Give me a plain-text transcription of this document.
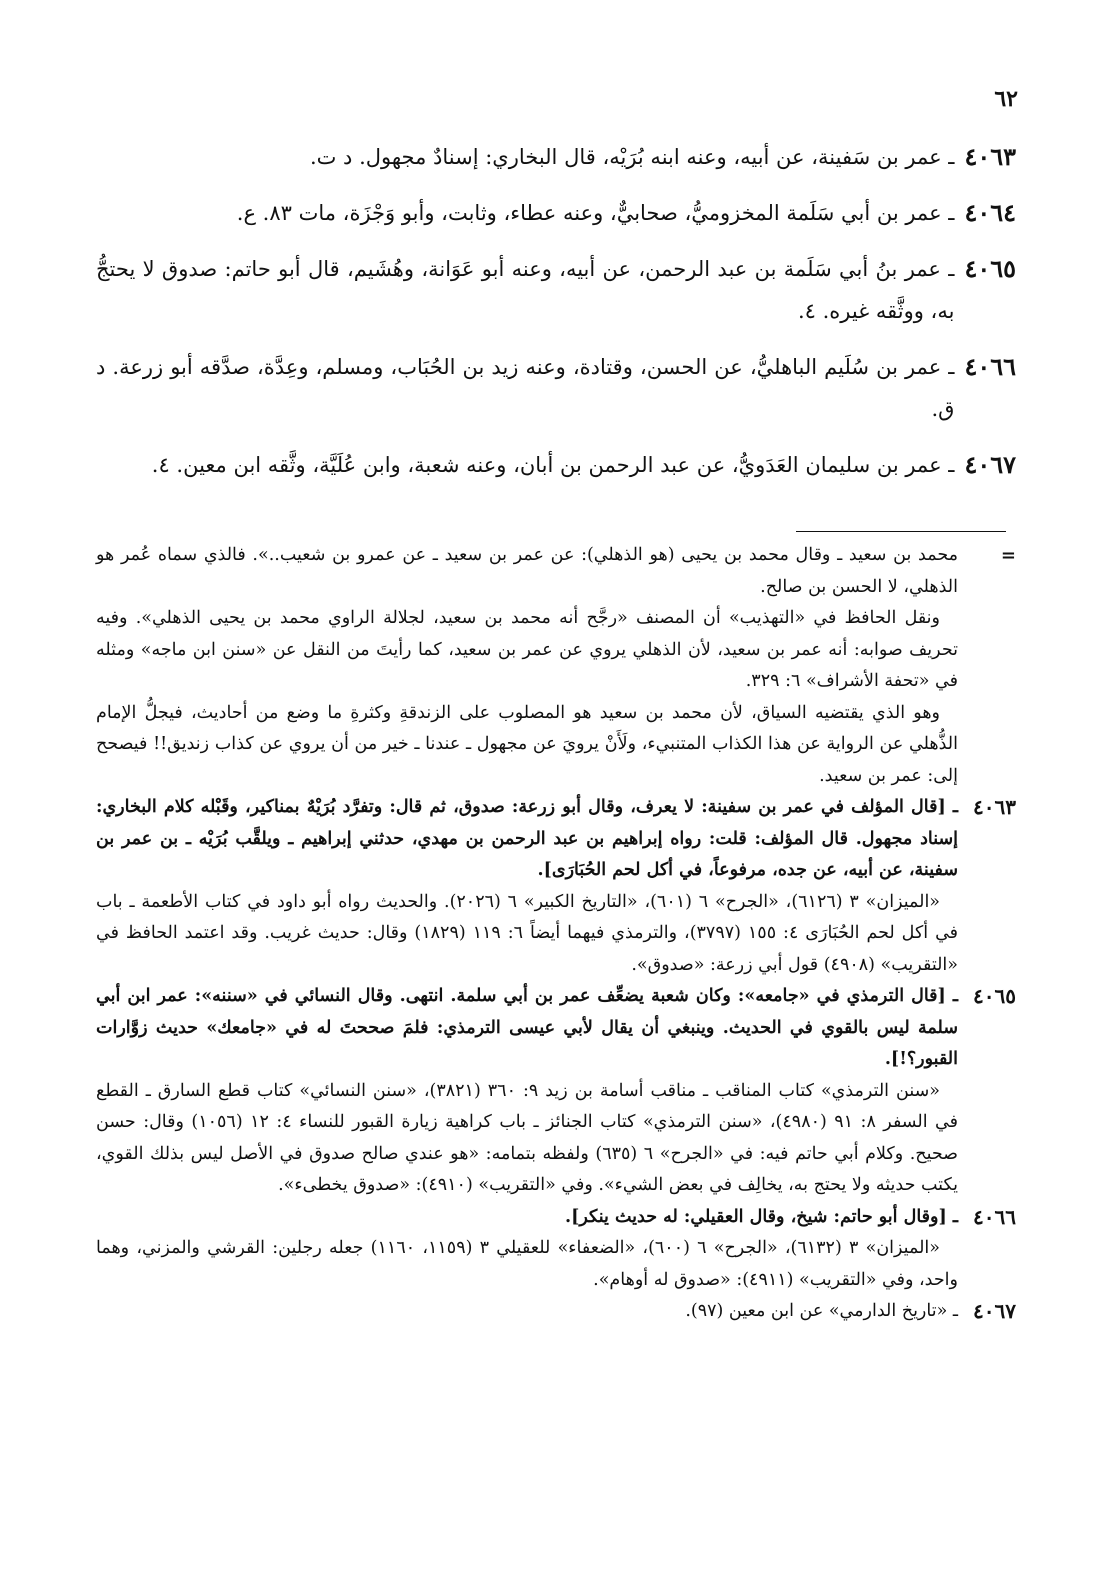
٦٢
٤٠٦٣
ـ عمر بن سَفينة، عن أبيه، وعنه ابنه بُرَيْه، قال البخاري: إسنادٌ مجهول. د ت.
٤٠٦٤
ـ عمر بن أبي سَلَمة المخزوميُّ، صحابيٌّ، وعنه عطاء، وثابت، وأبو وَجْزَة، مات ٨٣. ع.
٤٠٦٥
ـ عمر بنُ أبي سَلَمة بن عبد الرحمن، عن أبيه، وعنه أبو عَوَانة، وهُشَيم، قال أبو حاتم: صدوق لا يحتجُّ به، ووثَّقه غيره. ٤.
٤٠٦٦
ـ عمر بن سُلَيم الباهليُّ، عن الحسن، وقتادة، وعنه زيد بن الحُبَاب، ومسلم، وعِدَّة، صدَّقه أبو زرعة. د ق.
٤٠٦٧
ـ عمر بن سليمان العَدَويُّ، عن عبد الرحمن بن أبان، وعنه شعبة، وابن عُلَيَّة، وثَّقه ابن معين. ٤.
=

محمد بن سعيد ـ وقال محمد بن يحيى (هو الذهلي): عن عمر بن سعيد ـ عن عمرو بن شعيب..». فالذي سماه عُمر هو الذهلي، لا الحسن بن صالح.

ونقل الحافظ في «التهذيب» أن المصنف «رجَّح أنه محمد بن سعيد، لجلالة الراوي محمد بن يحيى الذهلي». وفيه تحريف صوابه: أنه عمر بن سعيد، لأن الذهلي يروي عن عمر بن سعيد، كما رأيتَ من النقل عن «سنن ابن ماجه» ومثله في «تحفة الأشراف» ٦: ٣٢٩.

وهو الذي يقتضيه السياق، لأن محمد بن سعيد هو المصلوب على الزندقةِ وكثرةِ ما وضع من أحاديث، فيجلُّ الإمام الذُّهلي عن الرواية عن هذا الكذاب المتنبيء، ولَأَنْ يرويَ عن مجهول ـ عندنا ـ خير من أن يروي عن كذاب زنديق!! فيصحح إلى: عمر بن سعيد.

٤٠٦٣

ـ [قال المؤلف في عمر بن سفينة: لا يعرف، وقال أبو زرعة: صدوق، ثم قال: وتفرَّد بُرَيْهٌ بمناكير، وقَبْله كلام البخاري: إسناد مجهول. قال المؤلف: قلت: رواه إبراهيم بن عبد الرحمن بن مهدي، حدثني إبراهيم ـ ويلقَّب بُرَيْه ـ بن عمر بن سفينة، عن أبيه، عن جده، مرفوعاً، في أكل لحم الحُبَارَى].

«الميزان» ٣ (٦١٢٦)، «الجرح» ٦ (٦٠١)، «التاريخ الكبير» ٦ (٢٠٢٦). والحديث رواه أبو داود في كتاب الأطعمة ـ باب في أكل لحم الحُبَارَى ٤: ١٥٥ (٣٧٩٧)، والترمذي فيهما أيضاً ٦: ١١٩ (١٨٢٩) وقال: حديث غريب. وقد اعتمد الحافظ في «التقريب» (٤٩٠٨) قول أبي زرعة: «صدوق».

٤٠٦٥

ـ [قال الترمذي في «جامعه»: وكان شعبة يضعِّف عمر بن أبي سلمة. انتهى. وقال النسائي في «سننه»: عمر ابن أبي سلمة ليس بالقوي في الحديث. وينبغي أن يقال لأبي عيسى الترمذي: فلمَ صححتَ له في «جامعك» حديث زوَّارات القبور؟!].

«سنن الترمذي» كتاب المناقب ـ مناقب أسامة بن زيد ٩: ٣٦٠ (٣٨٢١)، «سنن النسائي» كتاب قطع السارق ـ القطع في السفر ٨: ٩١ (٤٩٨٠)، «سنن الترمذي» كتاب الجنائز ـ باب كراهية زيارة القبور للنساء ٤: ١٢ (١٠٥٦) وقال: حسن صحيح. وكلام أبي حاتم فيه: في «الجرح» ٦ (٦٣٥) ولفظه بتمامه: «هو عندي صالح صدوق في الأصل ليس بذلك القوي، يكتب حديثه ولا يحتج به، يخالِف في بعض الشيء». وفي «التقريب» (٤٩١٠): «صدوق يخطىء».

٤٠٦٦

ـ [وقال أبو حاتم: شيخ، وقال العقيلي: له حديث ينكر].

«الميزان» ٣ (٦١٣٢)، «الجرح» ٦ (٦٠٠)، «الضعفاء» للعقيلي ٣ (١١٥٩، ١١٦٠) جعله رجلين: القرشي والمزني، وهما واحد، وفي «التقريب» (٤٩١١): «صدوق له أوهام».

٤٠٦٧

ـ «تاريخ الدارمي» عن ابن معين (٩٧).
